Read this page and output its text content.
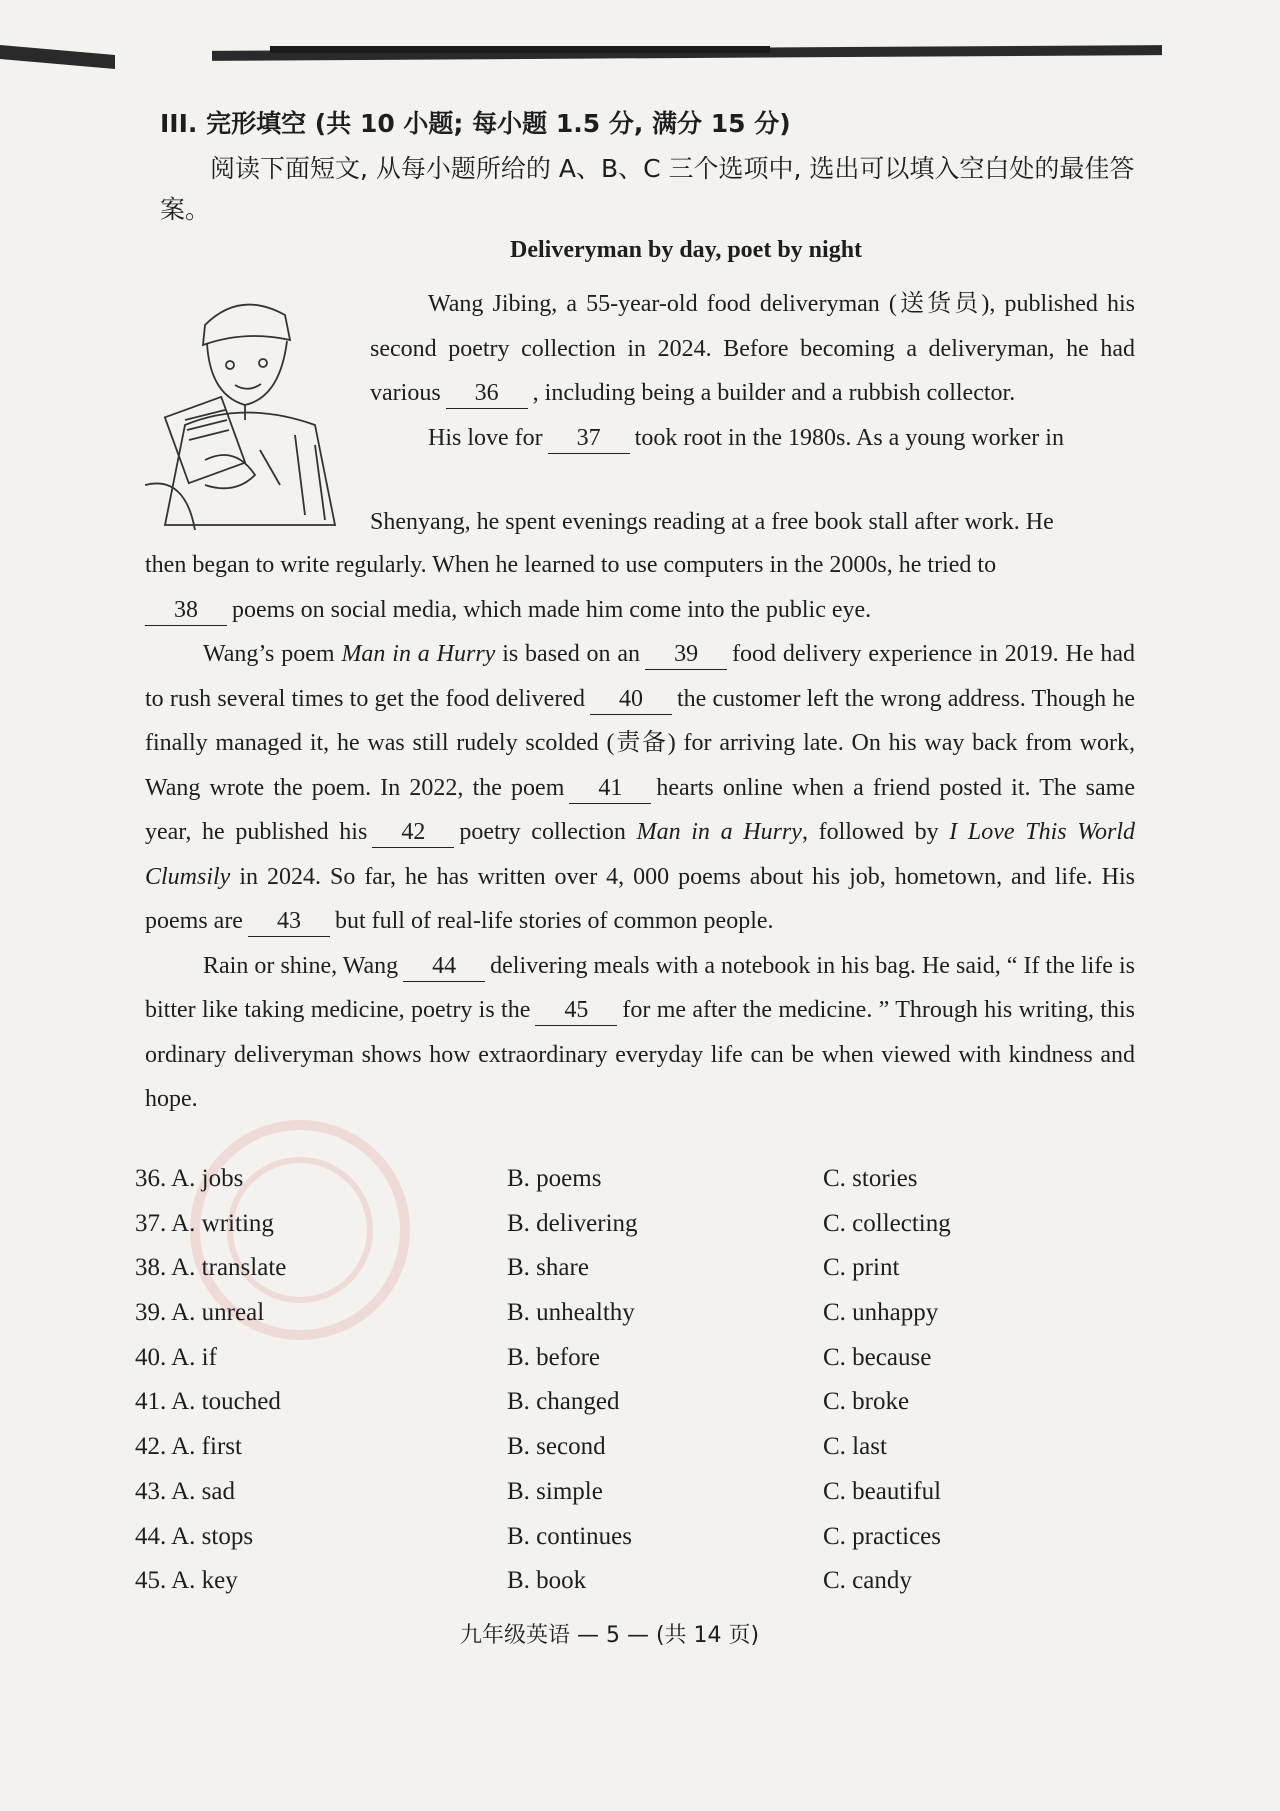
III. 完形填空 (共 10 小题; 每小题 1.5 分, 满分 15 分)
阅读下面短文, 从每小题所给的 A、B、C 三个选项中, 选出可以填入空白处的最佳答案。
Deliveryman by day, poet by night
Wang Jibing, a 55-year-old food deliveryman (送货员), published his second poetry collection in 2024. Before becoming a deliveryman, he had various 36 , including being a builder and a rubbish collector.
His love for 37 took root in the 1980s. As a young worker in
Shenyang, he spent evenings reading at a free book stall after work. He
then began to write regularly. When he learned to use computers in the 2000s, he tried to
38 poems on social media, which made him come into the public eye.
Wang’s poem Man in a Hurry is based on an 39 food delivery experience in 2019. He had to rush several times to get the food delivered 40 the customer left the wrong address. Though he finally managed it, he was still rudely scolded (责备) for arriving late. On his way back from work, Wang wrote the poem. In 2022, the poem 41 hearts online when a friend posted it. The same year, he published his 42 poetry collection Man in a Hurry, followed by I Love This World Clumsily in 2024. So far, he has written over 4, 000 poems about his job, hometown, and life. His poems are 43 but full of real-life stories of common people.
Rain or shine, Wang 44 delivering meals with a notebook in his bag. He said, “ If the life is bitter like taking medicine, poetry is the 45 for me after the medicine. ” Through his writing, this ordinary deliveryman shows how extraordinary everyday life can be when viewed with kindness and hope.
36. A. jobs	B. poems	C. stories
37. A. writing	B. delivering	C. collecting
38. A. translate	B. share	C. print
39. A. unreal	B. unhealthy	C. unhappy
40. A. if	B. before	C. because
41. A. touched	B. changed	C. broke
42. A. first	B. second	C. last
43. A. sad	B. simple	C. beautiful
44. A. stops	B. continues	C. practices
45. A. key	B. book	C. candy
九年级英语 — 5 — (共 14 页)
